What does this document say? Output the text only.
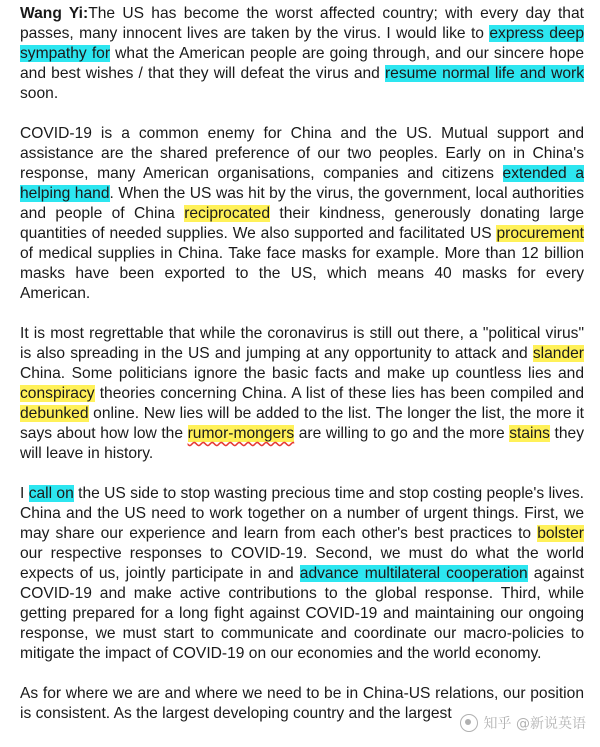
Wang Yi:The US has become the worst affected country; with every day that passes, many innocent lives are taken by the virus. I would like to express deep sympathy for what the American people are going through, and our sincere hope and best wishes / that they will defeat the virus and resume normal life and work soon.

COVID-19 is a common enemy for China and the US. Mutual support and assistance are the shared preference of our two peoples. Early on in China's response, many American organisations, companies and citizens extended a helping hand. When the US was hit by the virus, the government, local authorities and people of China reciprocated their kindness, generously donating large quantities of needed supplies. We also supported and facilitated US procurement of medical supplies in China. Take face masks for example. More than 12 billion masks have been exported to the US, which means 40 masks for every American.

It is most regrettable that while the coronavirus is still out there, a "political virus" is also spreading in the US and jumping at any opportunity to attack and slander China. Some politicians ignore the basic facts and make up countless lies and conspiracy theories concerning China. A list of these lies has been compiled and debunked online. New lies will be added to the list. The longer the list, the more it says about how low the rumor-mongers are willing to go and the more stains they will leave in history.

I call on the US side to stop wasting precious time and stop costing people's lives. China and the US need to work together on a number of urgent things. First, we may share our experience and learn from each other's best practices to bolster our respective responses to COVID-19. Second, we must do what the world expects of us, jointly participate in and advance multilateral cooperation against COVID-19 and make active contributions to the global response. Third, while getting prepared for a long fight against COVID-19 and maintaining our ongoing response, we must start to communicate and coordinate our macro-policies to mitigate the impact of COVID-19 on our economies and the world economy.

As for where we are and where we need to be in China-US relations, our position is consistent. As the largest developing country and the largest

知乎 @新说英语
